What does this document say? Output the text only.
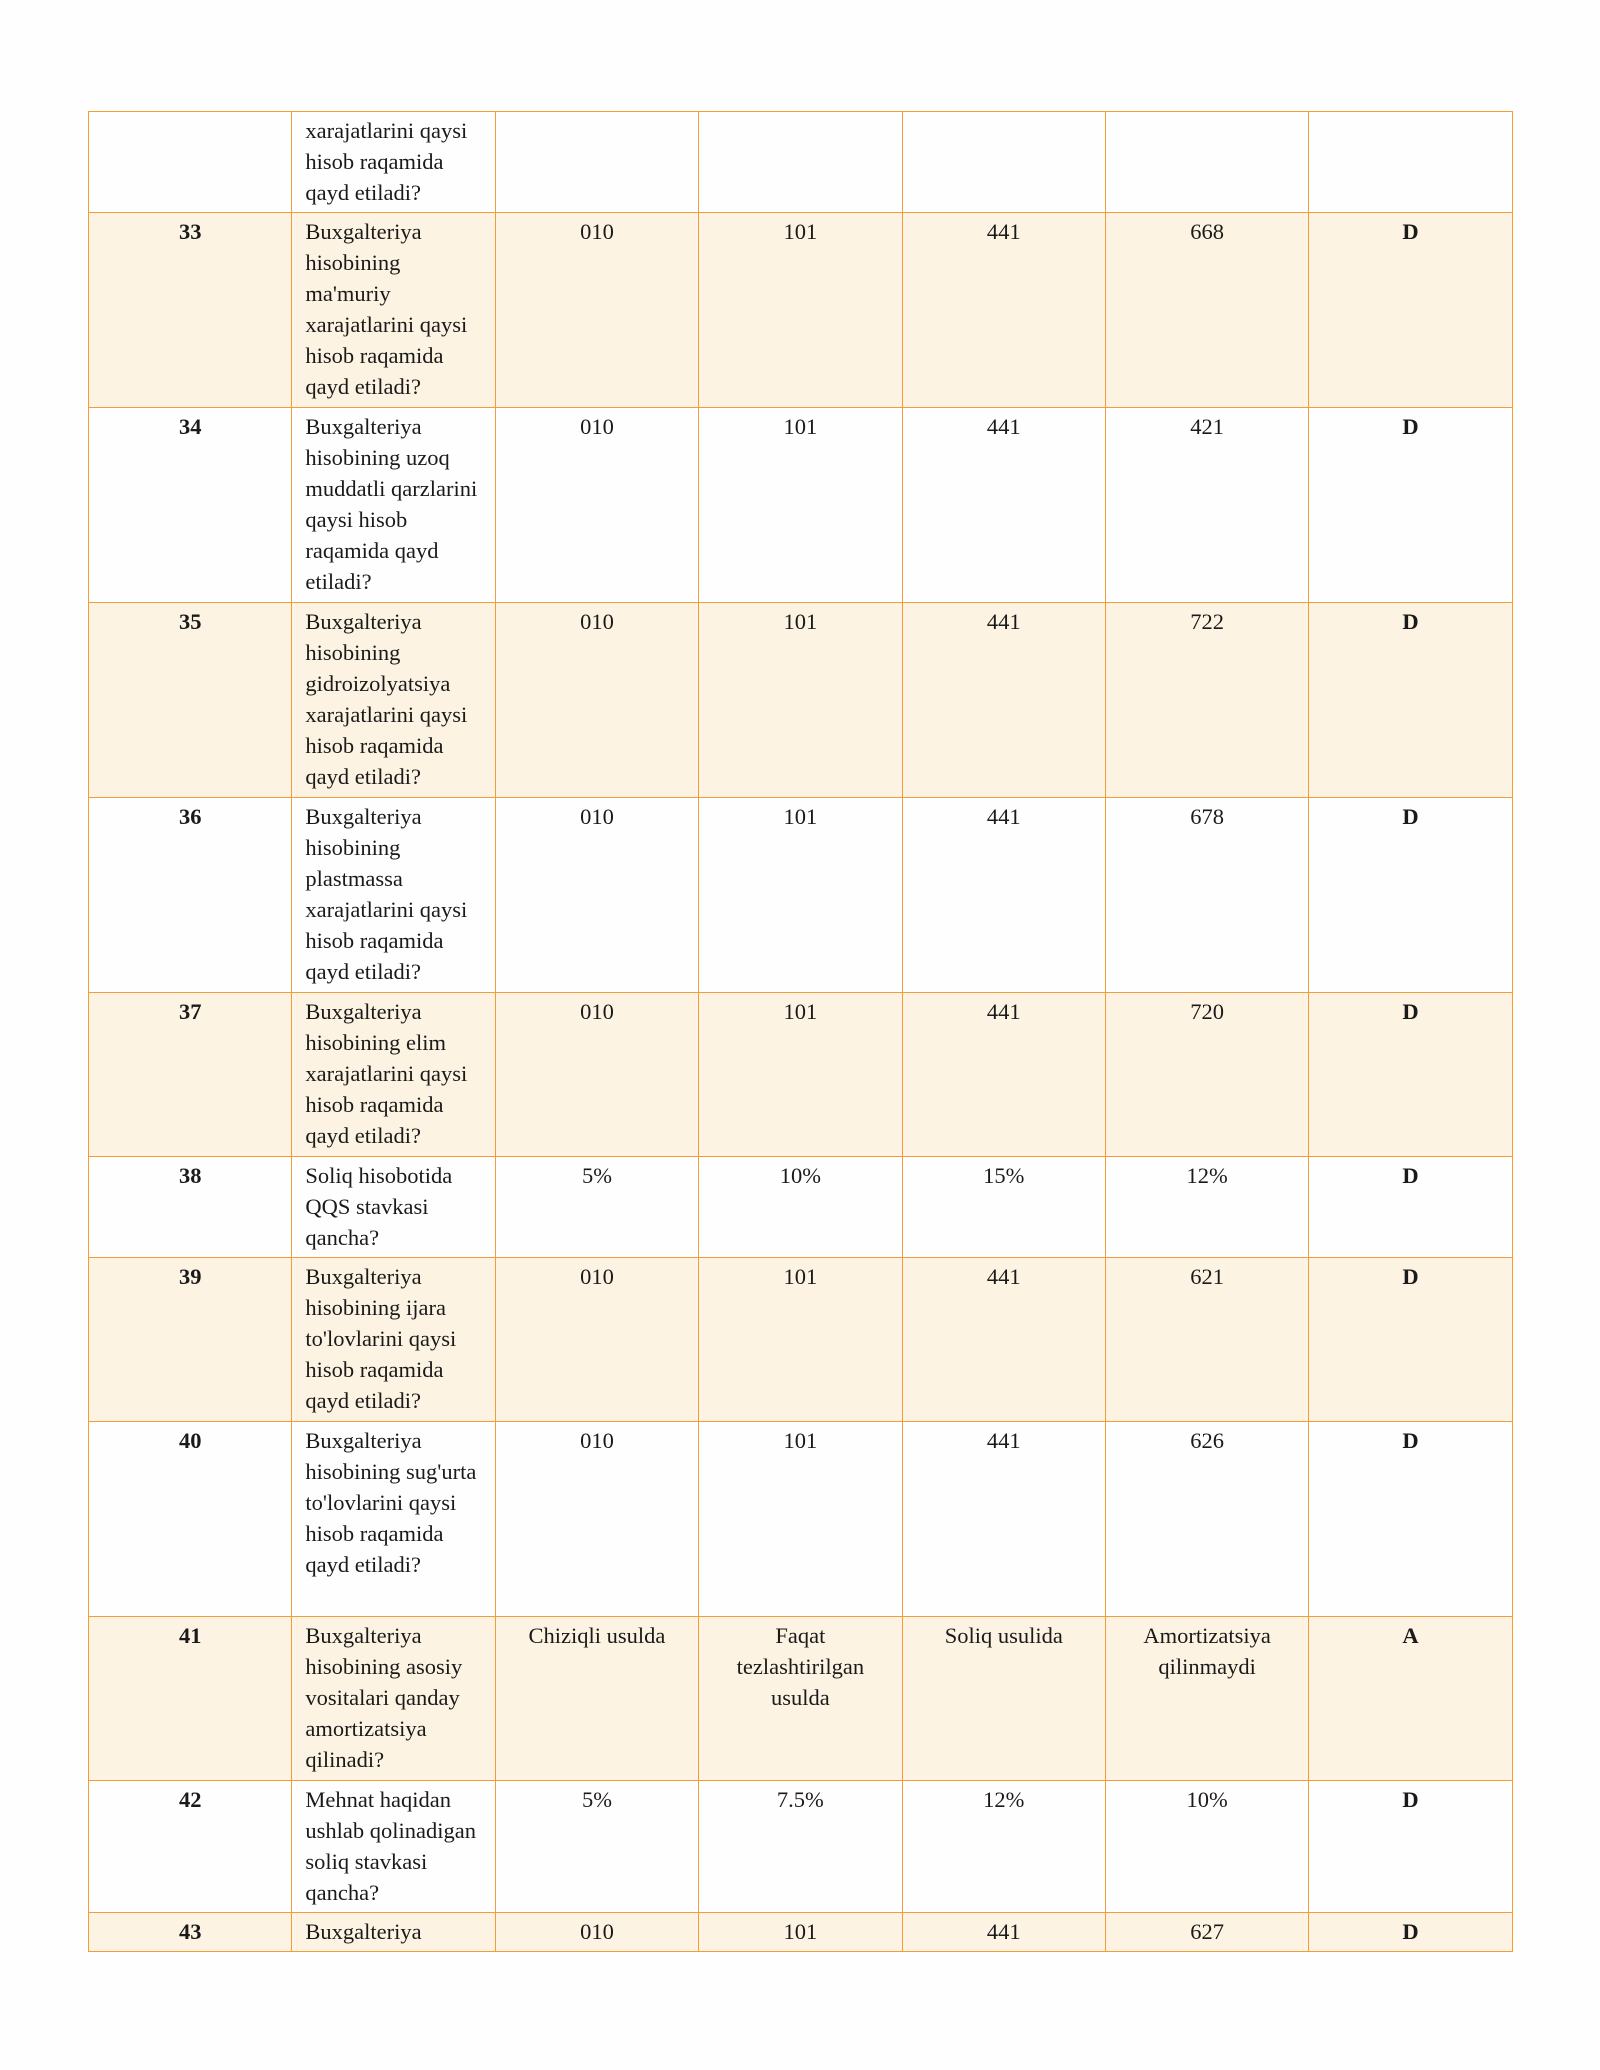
	xarajatlarini qaysi hisob raqamida qayd etiladi?					
33	Buxgalteriya hisobining ma'muriy xarajatlarini qaysi hisob raqamida qayd etiladi?	010	101	441	668	D
34	Buxgalteriya hisobining uzoq muddatli qarzlarini qaysi hisob raqamida qayd etiladi?	010	101	441	421	D
35	Buxgalteriya hisobining gidroizolyatsiya xarajatlarini qaysi hisob raqamida qayd etiladi?	010	101	441	722	D
36	Buxgalteriya hisobining plastmassa xarajatlarini qaysi hisob raqamida qayd etiladi?	010	101	441	678	D
37	Buxgalteriya hisobining elim xarajatlarini qaysi hisob raqamida qayd etiladi?	010	101	441	720	D
38	Soliq hisobotida QQS stavkasi qancha?	5%	10%	15%	12%	D
39	Buxgalteriya hisobining ijara to'lovlarini qaysi hisob raqamida qayd etiladi?	010	101	441	621	D
40	Buxgalteriya hisobining sug'urta to'lovlarini qaysi hisob raqamida qayd etiladi?	010	101	441	626	D
41	Buxgalteriya hisobining asosiy vositalari qanday amortizatsiya qilinadi?	Chiziqli usulda	Faqat tezlashtirilgan usulda	Soliq usulida	Amortizatsiya qilinmaydi	A
42	Mehnat haqidan ushlab qolinadigan soliq stavkasi qancha?	5%	7.5%	12%	10%	D
43	Buxgalteriya	010	101	441	627	D
